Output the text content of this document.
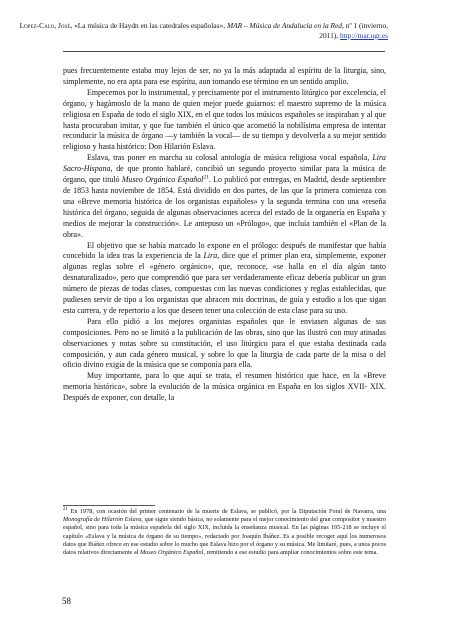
Lόpez-Calo, José, «La música de Haydn en las catedrales españolas», MAR – Música de Andalucía en la Red, nº 1 (invierno, 2011), http://mar.ugr.es

pues frecuentemente estaba muy lejos de ser, no ya la más adaptada al espíritu de la liturgia, sino, simplemente, no era apta para ese espíritu, aun tomando ese término en un sentido amplio.

Empecemos por lo instrumental, y precisamente por el instrumento litúrgico por excelencia, el órgano, y hagámoslo de la mano de quien mejor puede guiarnos: el maestro supremo de la música religiosa en España de todo el siglo XIX, en el que todos los músicos españoles se inspiraban y al que hasta procuraban imitar, y que fue también el único que acometió la nobilísima empresa de intentar reconducir la música de órgano —y también la vocal— de su tiempo y devolverla a su mejor sentido religioso y hasta histórico: Don Hilarión Eslava.

Eslava, tras poner en marcha su colosal antología de música religiosa vocal española, Lira Sacro-Hispana, de que pronto hablaré, concibió un segundo proyecto similar para la música de órgano, que tituló Museo Orgánico Español$^{21}$. Lo publicó por entregas, en Madrid, desde septiembre de 1853 hasta noviembre de 1854. Está dividido en dos partes, de las que la primera comienza con una «Breve memoria histórica de los organistas españoles» y la segunda termina con una «reseña histórica del órgano, seguida de algunas observaciones acerca del estado de la organería en España y medios de mejorar la construcción». Le antepuso un «Prólogo», que incluía también el «Plan de la obra».

El objetivo que se había marcado lo expone en el prólogo: después de manifestar que había concebido la idea tras la experiencia de la Lira, dice que el primer plan era, simplemente, exponer algunas reglas sobre el «género orgánico», que, reconoce, «se halla en el día algún tanto desnaturalizado», pero que comprendió que para ser verdaderamente eficaz debería publicar un gran número de piezas de todas clases, compuestas con las nuevas condiciones y reglas establecidas, que pudiesen servir de tipo a los organistas que abracen mis doctrinas, de guía y estudio a los que sigan esta carrera, y de repertorio a los que deseen tener una colección de esta clase para su uso.

Para ello pidió a los mejores organistas españoles que le enviasen algunas de sus composiciones. Pero no se limitó a la publicación de las obras, sino que las ilustró con muy atinadas observaciones y notas sobre su constitución, el uso litúrgico para el que estaba destinada cada composición, y aun cada género musical, y sobre lo que la liturgia de cada parte de la misa o del oficio divino exigía de la música que se componía para ella.

Muy importante, para lo que aquí se trata, el resumen histórico que hace, en la «Breve memoria histórica», sobre la evolución de la música orgánica en España en los siglos XVII- XIX. Después de exponer, con detalle, la

$^{21}$ En 1978, con ocasión del primer centenario de la muerte de Eslava, se publicó, por la Diputación Foral de Navarra, una Monografía de Hilarión Eslava, que sigue siendo básica, no solamente para el mejor conocimiento del gran compositor y maestro español, sino para toda la música española del siglo XIX, incluida la enseñanza musical. En las páginas 195-218 se incluye el capítulo «Eslava y la música de órgano de su tiempo», redactado por Joaquín Ibáñez. Es a posible recoger aquí los numerosos datos que Ibáñez ofrece en ese estudio sobre lo mucho que Eslava hizo por el órgano y su música. Me limitaré, pues, a unos pocos datos relativos directamente al Museo Orgánico Español, remitiendo a ese estudio para ampliar conocimientos sobre este tema.
58
